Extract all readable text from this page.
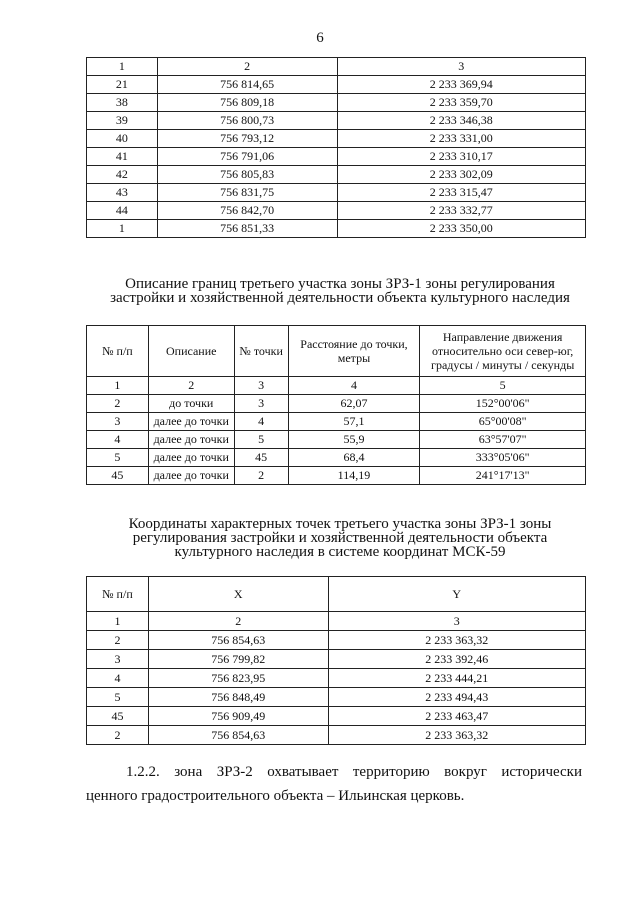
6
1	2	3
21	756 814,65	2 233 369,94
38	756 809,18	2 233 359,70
39	756 800,73	2 233 346,38
40	756 793,12	2 233 331,00
41	756 791,06	2 233 310,17
42	756 805,83	2 233 302,09
43	756 831,75	2 233 315,47
44	756 842,70	2 233 332,77
1	756 851,33	2 233 350,00
Описание границ третьего участка зоны ЗРЗ-1 зоны регулирования
застройки и хозяйственной деятельности объекта культурного наследия
№ п/п	Описание	№ точки	Расстояние до точки, метры	Направление движения относительно оси север-юг, градусы / минуты / секунды
1	2	3	4	5
2	до точки	3	62,07	152°00'06"
3	далее до точки	4	57,1	65°00'08"
4	далее до точки	5	55,9	63°57'07"
5	далее до точки	45	68,4	333°05'06"
45	далее до точки	2	114,19	241°17'13"
Координаты характерных точек третьего участка зоны ЗРЗ-1 зоны
регулирования застройки и хозяйственной деятельности объекта
культурного наследия в системе координат МСК-59
№ п/п	X	Y
1	2	3
2	756 854,63	2 233 363,32
3	756 799,82	2 233 392,46
4	756 823,95	2 233 444,21
5	756 848,49	2 233 494,43
45	756 909,49	2 233 463,47
2	756 854,63	2 233 363,32
1.2.2. зона ЗРЗ-2 охватывает территорию вокруг исторически
ценного градостроительного объекта – Ильинская церковь.
